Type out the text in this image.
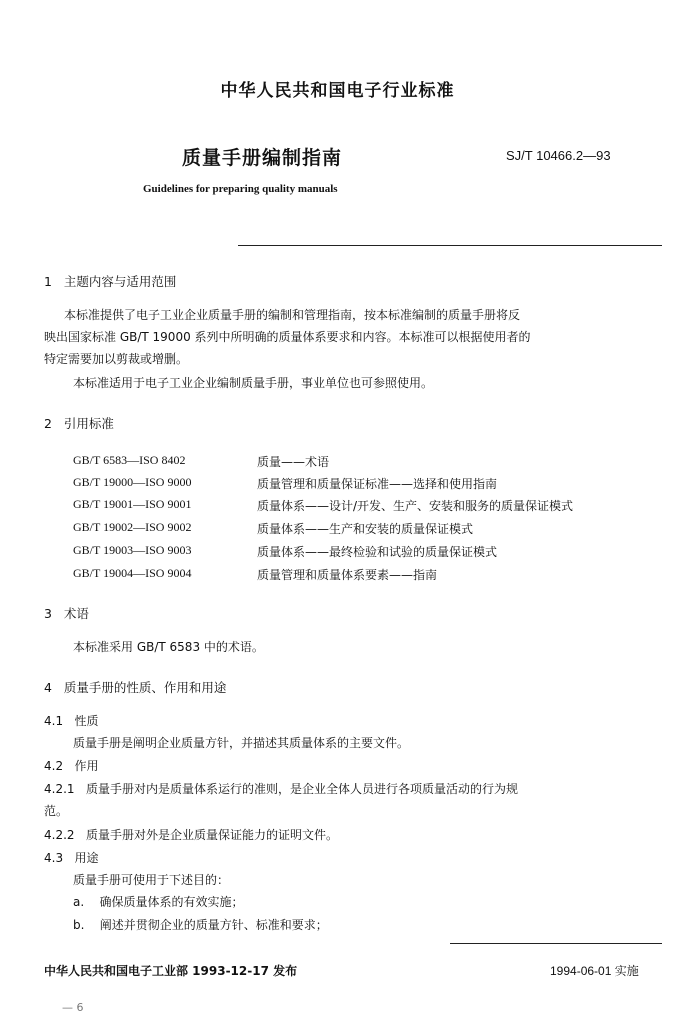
中华人民共和国电子行业标准
质量手册编制指南	SJ/T 10466.2—93
Guidelines for preparing quality manuals
1 主题内容与适用范围
本标准提供了电子工业企业质量手册的编制和管理指南，按本标准编制的质量手册将反
映出国家标准 GB/T 19000 系列中所明确的质量体系要求和内容。本标准可以根据使用者的
特定需要加以剪裁或增删。
本标准适用于电子工业企业编制质量手册，事业单位也可参照使用。
2 引用标准
GB/T 6583—ISO 8402	质量——术语
GB/T 19000—ISO 9000	质量管理和质量保证标准——选择和使用指南
GB/T 19001—ISO 9001	质量体系——设计/开发、生产、安装和服务的质量保证模式
GB/T 19002—ISO 9002	质量体系——生产和安装的质量保证模式
GB/T 19003—ISO 9003	质量体系——最终检验和试验的质量保证模式
GB/T 19004—ISO 9004	质量管理和质量体系要素——指南
3 术语
本标准采用 GB/T 6583 中的术语。
4 质量手册的性质、作用和用途
4.1 性质
质量手册是阐明企业质量方针，并描述其质量体系的主要文件。
4.2 作用
4.2.1 质量手册对内是质量体系运行的准则，是企业全体人员进行各项质量活动的行为规
范。
4.2.2 质量手册对外是企业质量保证能力的证明文件。
4.3 用途
质量手册可使用于下述目的：
a. 确保质量体系的有效实施；
b. 阐述并贯彻企业的质量方针、标准和要求；
中华人民共和国电子工业部 1993-12-17 发布	1994-06-01 实施
— 6
